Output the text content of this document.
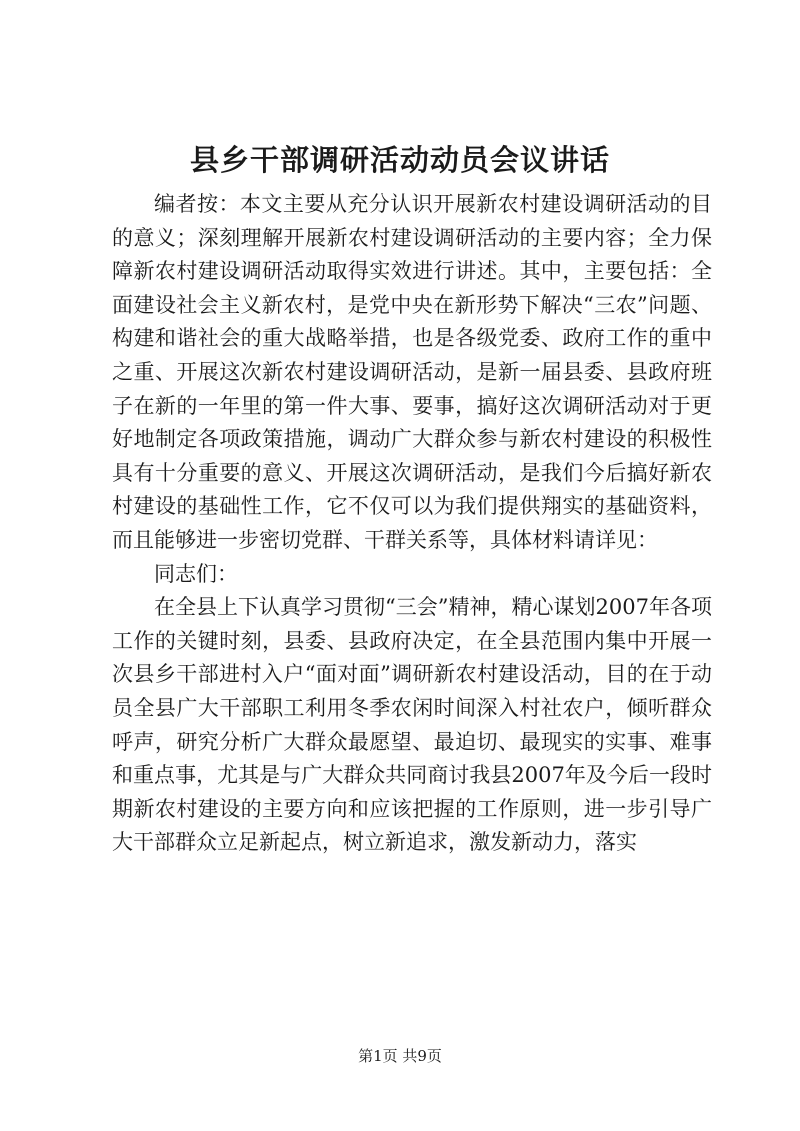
县乡干部调研活动动员会议讲话

编者按：本文主要从充分认识开展新农村建设调研活动的目的意义；深刻理解开展新农村建设调研活动的主要内容；全力保障新农村建设调研活动取得实效进行讲述。其中，主要包括：全面建设社会主义新农村，是党中央在新形势下解决“三农”问题、构建和谐社会的重大战略举措，也是各级党委、政府工作的重中之重、开展这次新农村建设调研活动，是新一届县委、县政府班子在新的一年里的第一件大事、要事，搞好这次调研活动对于更好地制定各项政策措施，调动广大群众参与新农村建设的积极性具有十分重要的意义、开展这次调研活动，是我们今后搞好新农村建设的基础性工作，它不仅可以为我们提供翔实的基础资料，而且能够进一步密切党群、干群关系等，具体材料请详见：

同志们：

在全县上下认真学习贯彻“三会”精神，精心谋划2007年各项工作的关键时刻，县委、县政府决定，在全县范围内集中开展一次县乡干部进村入户“面对面”调研新农村建设活动，目的在于动员全县广大干部职工利用冬季农闲时间深入村社农户，倾听群众呼声，研究分析广大群众最愿望、最迫切、最现实的实事、难事和重点事，尤其是与广大群众共同商讨我县2007年及今后一段时期新农村建设的主要方向和应该把握的工作原则，进一步引导广大干部群众立足新起点，树立新追求，激发新动力，落实

第1页 共9页
